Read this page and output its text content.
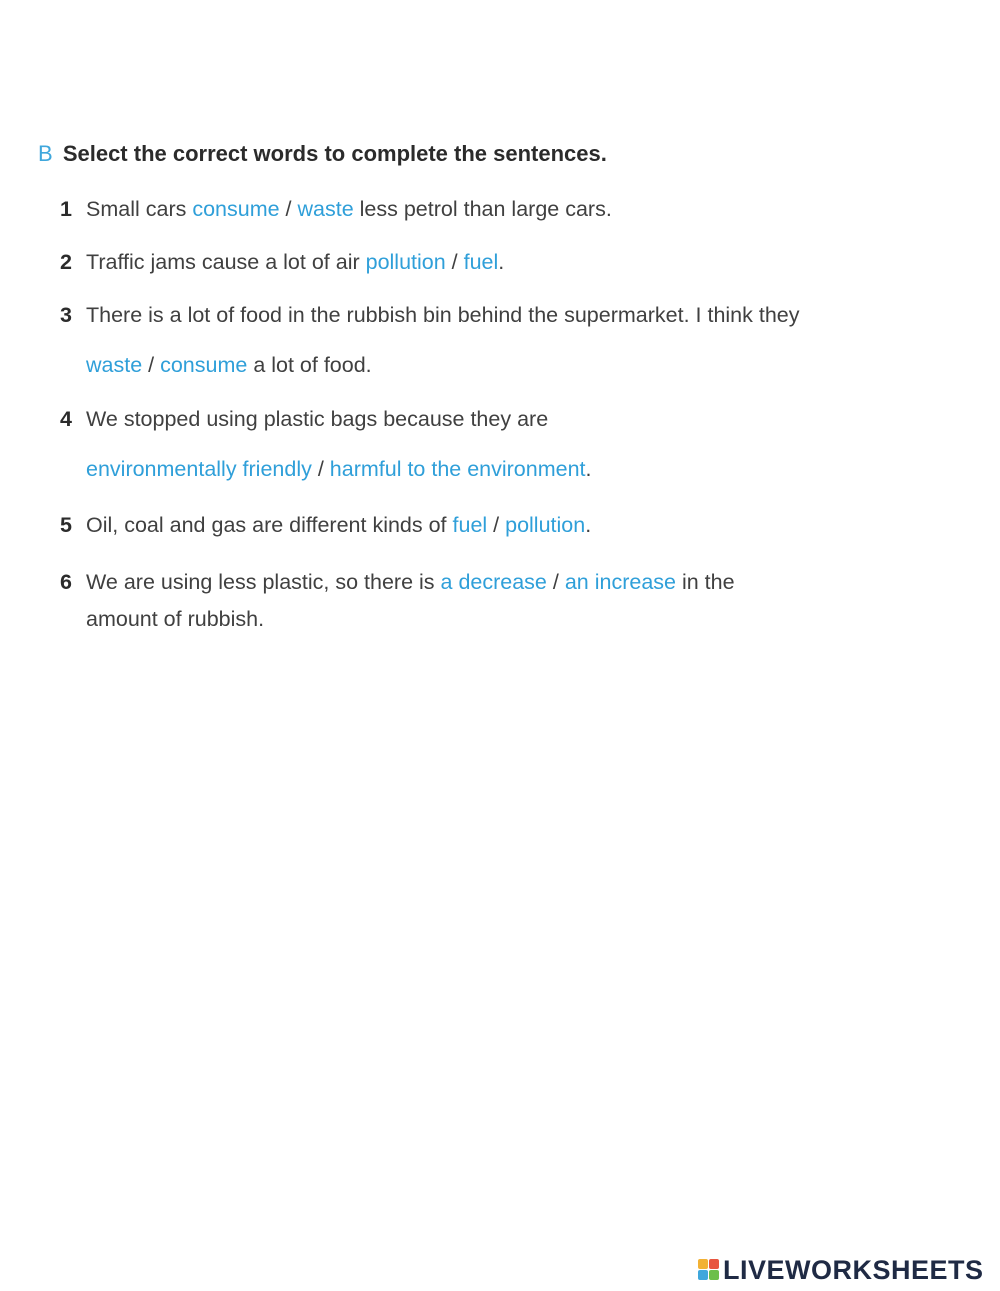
B Select the correct words to complete the sentences.
1 Small cars consume / waste less petrol than large cars.
2 Traffic jams cause a lot of air pollution / fuel.
3 There is a lot of food in the rubbish bin behind the supermarket. I think they
waste / consume a lot of food.
4 We stopped using plastic bags because they are
environmentally friendly / harmful to the environment.
5 Oil, coal and gas are different kinds of fuel / pollution.
6 We are using less plastic, so there is a decrease / an increase in the
amount of rubbish.
LIVEWORKSHEETS
